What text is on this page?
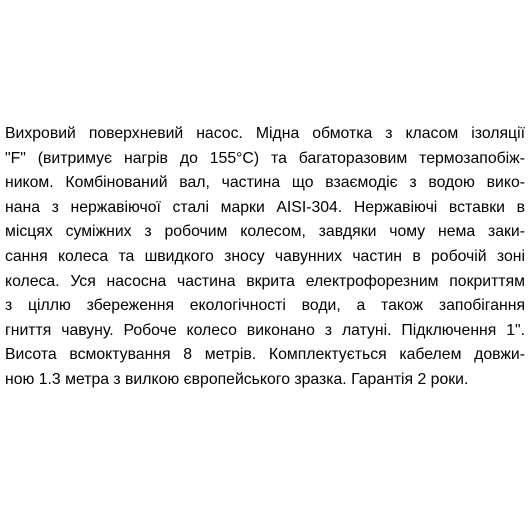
Вихровий поверхневий насос. Мідна обмотка з класом ізоляції
"F" (витримує нагрів до 155°C) та багаторазовим термозапобіж-
ником. Комбінований вал, частина що взаємодіє з водою вико-
нана з нержавіючої сталі марки AISI-304. Нержавіючі вставки в
місцях суміжних з робочим колесом, завдяки чому нема заки-
сання колеса та швидкого зносу чавунних частин в робочій зоні
колеса. Уся насосна частина вкрита електрофорезним покриттям
з ціллю збереження екологічності води, а також запобігання
гниття чавуну. Робоче колесо виконано з латуні. Підключення 1".
Висота всмоктування 8 метрів. Комплектується кабелем довжи-
ною 1.3 метра з вилкою європейського зразка. Гарантія 2 роки.
